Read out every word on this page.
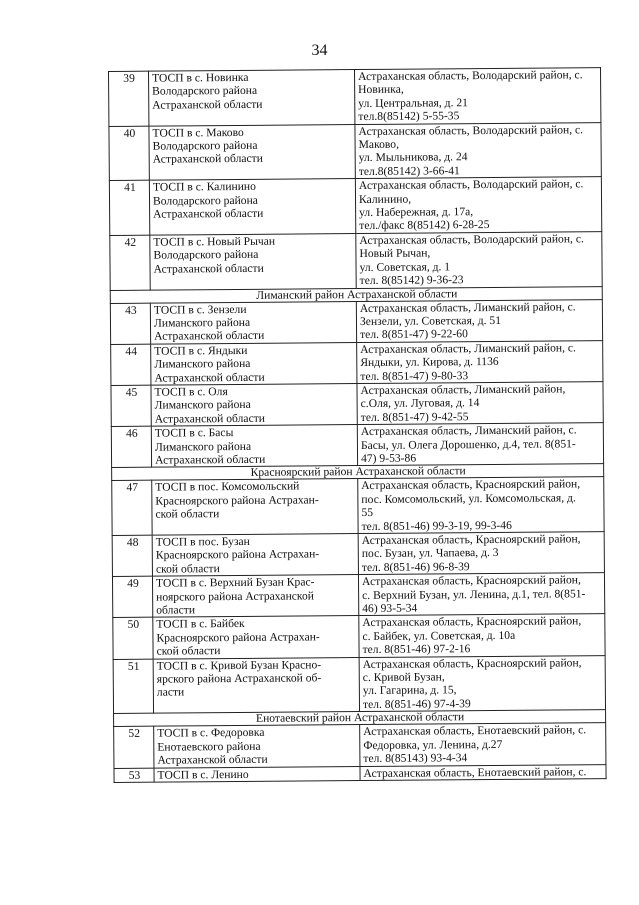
34
39	ТОСП в с. Новинка
Володарского района
Астраханской области	Астраханская область, Володарский район, с.
Новинка,
ул. Центральная, д. 21
тел.8(85142) 5-55-35

40	ТОСП в с. Маково
Володарского района
Астраханской области	Астраханская область, Володарский район, с.
Маково,
ул. Мыльникова, д. 24
тел.8(85142) 3-66-41

41	ТОСП в с. Калинино
Володарского района
Астраханской области	Астраханская область, Володарский район, с.
Калинино,
ул. Набережная, д. 17а,
тел./факс 8(85142) 6-28-25

42	ТОСП в с. Новый Рычан
Володарского района
Астраханской области	Астраханская область, Володарский район, с.
Новый Рычан,
ул. Советская, д. 1
тел. 8(85142) 9-36-23

Лиманский район Астраханской области		
43	ТОСП в с. Зензели
Лиманского района
Астраханской области	Астраханская область, Лиманский район, с.
Зензели, ул. Советская, д. 51
тел. 8(851-47) 9-22-60

44	ТОСП в с. Яндыки
Лиманского района
Астраханской области	Астраханская область, Лиманский район, с.
Яндыки, ул. Кирова, д. 1136
тел. 8(851-47) 9-80-33

45	ТОСП в с. Оля
Лиманского района
Астраханской области	Астраханская область, Лиманский район,
с.Оля, ул. Луговая, д. 14
тел. 8(851-47) 9-42-55

46	ТОСП в с. Басы
Лиманского района
Астраханской области	Астраханская область, Лиманский район, с.
Басы, ул. Олега Дорошенко, д.4, тел. 8(851-
47) 9-53-86

Красноярский район Астраханской области		
47	ТОСП в пос. Комсомольский
Красноярского района Астрахан-
ской области	Астраханская область, Красноярский район,
пос. Комсомольский, ул. Комсомольская, д.
55
тел. 8(851-46) 99-3-19, 99-3-46

48	ТОСП в пос. Бузан
Красноярского района Астрахан-
ской области	Астраханская область, Красноярский район,
пос. Бузан, ул. Чапаева, д. 3
тел. 8(851-46) 96-8-39

49	ТОСП в с. Верхний Бузан Крас-
ноярского района Астраханской
области	Астраханская область, Красноярский район,
с. Верхний Бузан, ул. Ленина, д.1, тел. 8(851-
46) 93-5-34

50	ТОСП в с. Байбек
Красноярского района Астрахан-
ской области	Астраханская область, Красноярский район,
с. Байбек, ул. Советская, д. 10а
тел. 8(851-46) 97-2-16

51	ТОСП в с. Кривой Бузан Красно-
ярского района Астраханской об-
ласти	Астраханская область, Красноярский район,
с. Кривой Бузан,
ул. Гагарина, д. 15,
тел. 8(851-46) 97-4-39

Енотаевский район Астраханской области		
52	ТОСП в с. Федоровка
Енотаевского района
Астраханской области	Астраханская область, Енотаевский район, с.
Федоровка, ул. Ленина, д.27
тел. 8(85143) 93-4-34

53	ТОСП в с. Ленино	Астраханская область, Енотаевский район, с.
